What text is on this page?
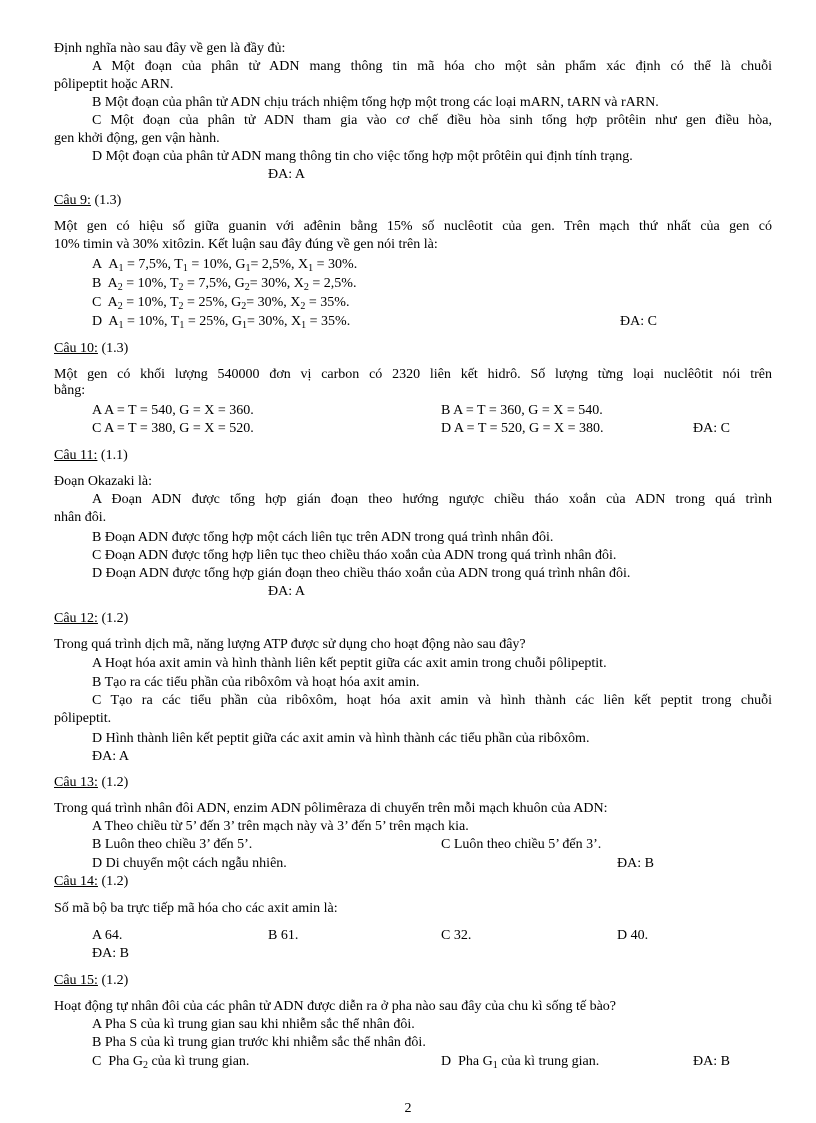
Định nghĩa nào sau đây về gen là đầy đủ:
A Một đoạn của phân tử ADN mang thông tin mã hóa cho một sản phẩm xác định có thể là chuỗi
pôlipeptit hoặc ARN.
B Một đoạn của phân tử ADN chịu trách nhiệm tổng hợp một trong các loại mARN, tARN và rARN.
C Một đoạn của phân tử ADN tham gia vào cơ chế điều hòa sinh tổng hợp prôtêin như gen điều hòa,
gen khởi động, gen vận hành.
D Một đoạn của phân tử ADN mang thông tin cho việc tổng hợp một prôtêin qui định tính trạng.
ĐA: A
Câu 9: (1.3)
Một gen có hiệu số giữa guanin với ađênin bằng 15% số nuclêotit của gen. Trên mạch thứ nhất của gen có
10% timin và 30% xitôzin. Kết luận sau đây đúng về gen nói trên là:
A  $A_1 = 7,5\%$, $T_1 = 10\%$, $G_1= 2,5\%$, $X_1 = 30\%$.
B  $A_2 = 10\%$, $T_2 = 7,5\%$, $G_2= 30\%$, $X_2 = 2,5\%$.
C  $A_2 = 10\%$, $T_2 = 25\%$, $G_2= 30\%$, $X_2 = 35\%$.
D  $A_1 = 10\%$, $T_1 = 25\%$, $G_1= 30\%$, $X_1 = 35\%$.	ĐA: C
Câu 10: (1.3)
Một gen có khối lượng 540000 đơn vị carbon có 2320 liên kết hidrô. Số lượng từng loại nuclêôtit nói trên
bằng:
A A = T = 540, G = X = 360.	B A = T = 360, G = X = 540.
C A = T = 380, G = X = 520.	D A = T = 520, G = X = 380.	ĐA: C
Câu 11: (1.1)
Đoạn Okazaki là:
A Đoạn ADN được tổng hợp gián đoạn theo hướng ngược chiều tháo xoắn của ADN trong quá trình
nhân đôi.
B Đoạn ADN được tổng hợp một cách liên tục trên ADN trong quá trình nhân đôi.
C Đoạn ADN được tổng hợp liên tục theo chiều tháo xoắn của ADN trong quá trình nhân đôi.
D Đoạn ADN được tổng hợp gián đoạn theo chiều tháo xoắn của ADN trong quá trình nhân đôi.
ĐA: A
Câu 12: (1.2)
Trong quá trình dịch mã, năng lượng ATP được sử dụng cho hoạt động nào sau đây?
A Hoạt hóa axit amin và hình thành liên kết peptit giữa các axit amin trong chuỗi pôlipeptit.
B Tạo ra các tiểu phần của ribôxôm và hoạt hóa axit amin.
C Tạo ra các tiểu phần của ribôxôm, hoạt hóa axit amin và hình thành các liên kết peptit trong chuỗi
pôlipeptit.
D Hình thành liên kết peptit giữa các axit amin và hình thành các tiểu phần của ribôxôm.
ĐA: A
Câu 13: (1.2)
Trong quá trình nhân đôi ADN, enzim ADN pôlimêraza di chuyển trên mỗi mạch khuôn của ADN:
A Theo chiều từ 5’ đến 3’ trên mạch này và 3’ đến 5’ trên mạch kia.
B Luôn theo chiều 3’ đến 5’.	C Luôn theo chiều 5’ đến 3’.
D Di chuyển một cách ngẫu nhiên.	ĐA: B
Câu 14: (1.2)
Số mã bộ ba trực tiếp mã hóa cho các axit amin là:
A 64.	B 61.	C 32.	D 40.
ĐA: B
Câu 15: (1.2)
Hoạt động tự nhân đôi của các phân tử ADN được diễn ra ở pha nào sau đây của chu kì sống tế bào?
A Pha S của kì trung gian sau khi nhiễm sắc thể nhân đôi.
B Pha S của kì trung gian trước khi nhiễm sắc thể nhân đôi.
C  Pha $G_2$ của kì trung gian.	D  Pha $G_1$ của kì trung gian.	ĐA: B
2
